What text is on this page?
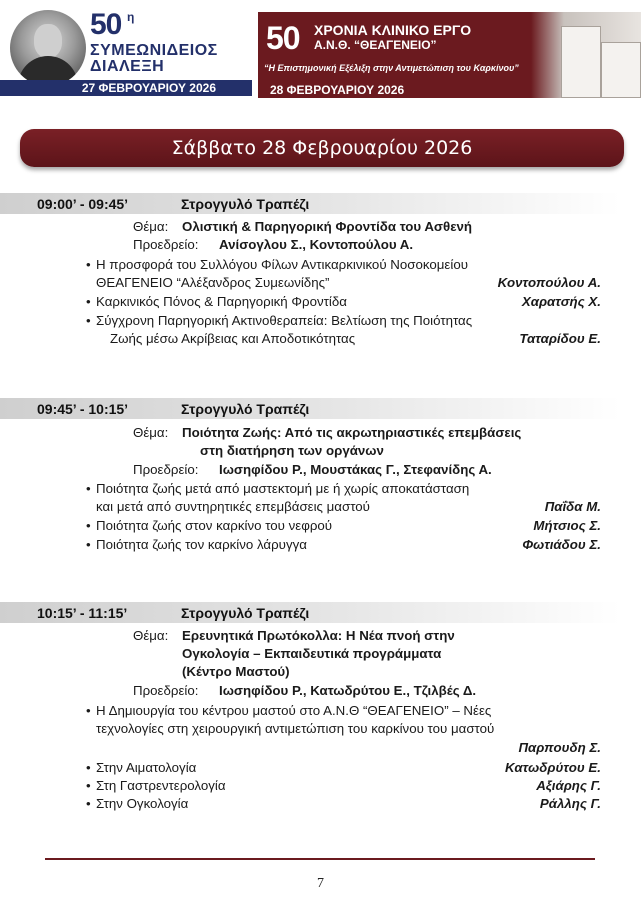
50 η
ΣΥΜΕΩΝΙΔΕΙΟΣ
ΔΙΑΛΕΞΗ
27 ΦΕΒΡΟΥΑΡΙΟΥ 2026
50 ΧΡΟΝΙΑ ΚΛΙΝΙΚΟ ΕΡΓΟ
Α.Ν.Θ. “ΘΕΑΓΕΝΕΙΟ”
“Η Επιστημονική Εξέλιξη στην Αντιμετώπιση του Καρκίνου”
28 ΦΕΒΡΟΥΑΡΙΟΥ 2026
Σάββατο 28 Φεβρουαρίου 2026
09:00’ - 09:45’	Στρογγυλό Τραπέζι
Θέμα: Ολιστική & Παρηγορική Φροντίδα του Ασθενή
Προεδρείο: Ανίσογλου Σ., Κοντοπούλου Α.
• Η προσφορά του Συλλόγου Φίλων Αντικαρκινικού Νοσοκομείου
ΘΕΑΓΕΝΕΙΟ “Αλέξανδρος Συμεωνίδης”	Κοντοπούλου Α.
• Καρκινικός Πόνος & Παρηγορική Φροντίδα	Χαρατσής Χ.
• Σύγχρονη Παρηγορική Ακτινοθεραπεία: Βελτίωση της Ποιότητας
Ζωής μέσω Ακρίβειας και Αποδοτικότητας	Ταταρίδου Ε.
09:45’ - 10:15’	Στρογγυλό Τραπέζι
Θέμα: Ποιότητα Ζωής: Από τις ακρωτηριαστικές επεμβάσεις
στη διατήρηση των οργάνων
Προεδρείο: Ιωσηφίδου Ρ., Μουστάκας Γ., Στεφανίδης Α.
• Ποιότητα ζωής μετά από μαστεκτομή με ή χωρίς αποκατάσταση
και μετά από συντηρητικές επεμβάσεις μαστού	Παΐδα Μ.
• Ποιότητα ζωής στον καρκίνο του νεφρού	Μήτσιος Σ.
• Ποιότητα ζωής τον καρκίνο λάρυγγα	Φωτιάδου Σ.
10:15’ - 11:15’	Στρογγυλό Τραπέζι
Θέμα: Ερευνητικά Πρωτόκολλα: Η Νέα πνοή στην
Ογκολογία – Εκπαιδευτικά προγράμματα
(Κέντρο Μαστού)
Προεδρείο: Ιωσηφίδου Ρ., Κατωδρύτου Ε., Τζιλβές Δ.
• Η Δημιουργία του κέντρου μαστού στο Α.Ν.Θ “ΘΕΑΓΕΝΕΙΟ” – Νέες
τεχνολογίες στη χειρουργική αντιμετώπιση του καρκίνου του μαστού
Παρπουδη Σ.
• Στην Αιματολογία	Κατωδρύτου Ε.
• Στη Γαστρεντερολογία	Αξιάρης Γ.
• Στην Ογκολογία	Ράλλης Γ.
7
